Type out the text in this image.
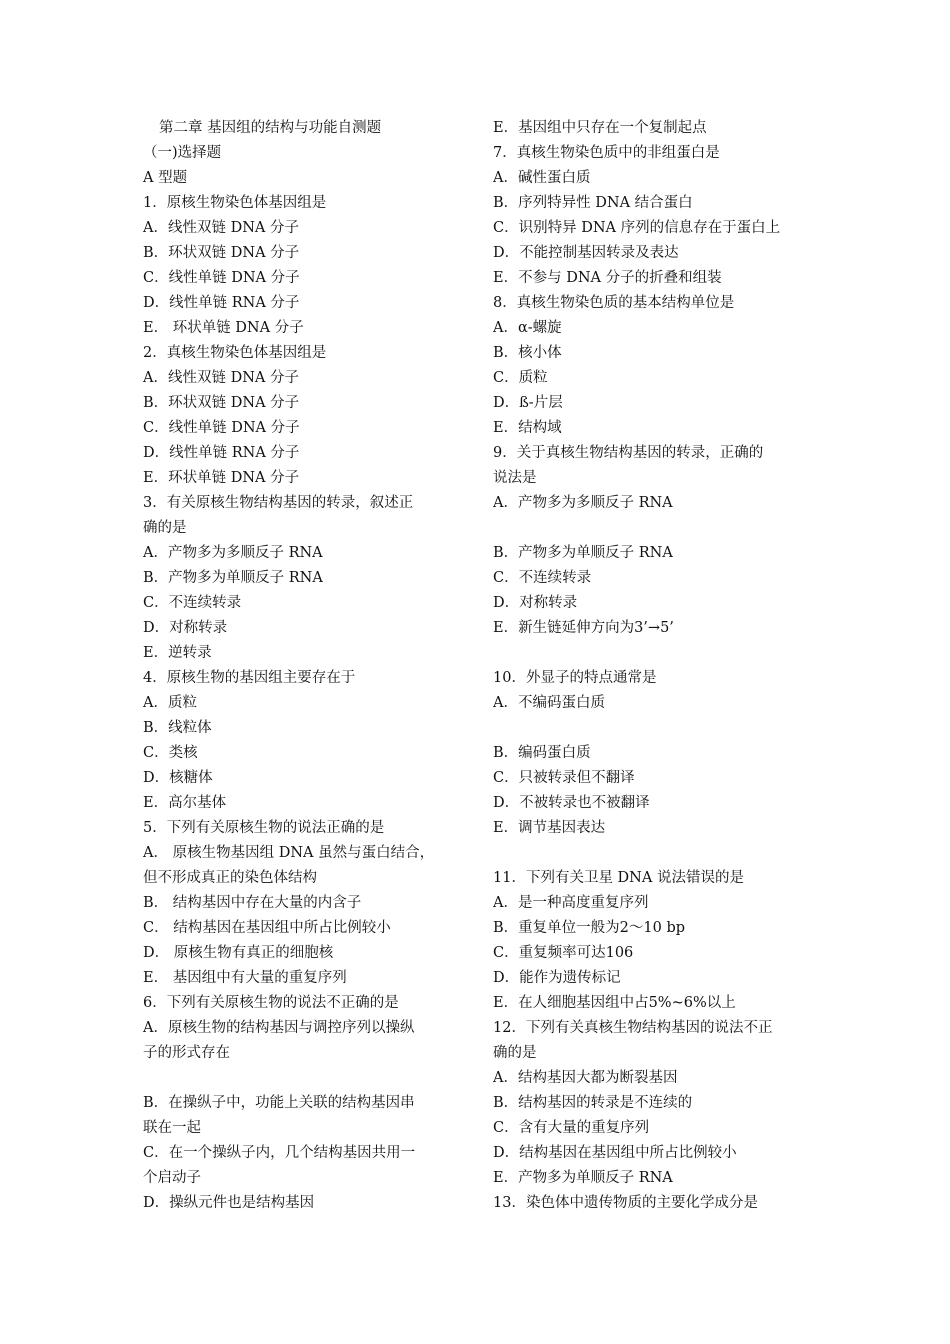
第二章 基因组的结构与功能自测题
（一)选择题
A 型题
1．原核生物染色体基因组是
A．线性双链 DNA 分子
B．环状双链 DNA 分子
C．线性单链 DNA 分子
D．线性单链 RNA 分子
E． 环状单链 DNA 分子
2．真核生物染色体基因组是
A．线性双链 DNA 分子
B．环状双链 DNA 分子
C．线性单链 DNA 分子
D．线性单链 RNA 分子
E．环状单链 DNA 分子
3．有关原核生物结构基因的转录，叙述正
确的是
A．产物多为多顺反子 RNA
B．产物多为单顺反子 RNA
C．不连续转录
D．对称转录
E．逆转录
4．原核生物的基因组主要存在于
A．质粒
B．线粒体
C．类核
D．核糖体
E．高尔基体
5．下列有关原核生物的说法正确的是
A． 原核生物基因组 DNA 虽然与蛋白结合，
但不形成真正的染色体结构
B． 结构基因中存在大量的内含子
C． 结构基因在基因组中所占比例较小
D． 原核生物有真正的细胞核
E． 基因组中有大量的重复序列
6．下列有关原核生物的说法不正确的是
A．原核生物的结构基因与调控序列以操纵
子的形式存在
B．在操纵子中，功能上关联的结构基因串
联在一起
C．在一个操纵子内，几个结构基因共用一
个启动子
D．操纵元件也是结构基因
E．基因组中只存在一个复制起点
7．真核生物染色质中的非组蛋白是
A．碱性蛋白质
B．序列特异性 DNA 结合蛋白
C．识别特异 DNA 序列的信息存在于蛋白上
D．不能控制基因转录及表达
E．不参与 DNA 分子的折叠和组装
8．真核生物染色质的基本结构单位是
A．α-螺旋
B．核小体
C．质粒
D．ß-片层
E．结构域
9．关于真核生物结构基因的转录，正确的
说法是
A．产物多为多顺反子 RNA
B．产物多为单顺反子 RNA
C．不连续转录
D．对称转录
E．新生链延伸方向为3’→5’
10．外显子的特点通常是
A．不编码蛋白质
B．编码蛋白质
C．只被转录但不翻译
D．不被转录也不被翻译
E．调节基因表达
11．下列有关卫星 DNA 说法错误的是
A．是一种高度重复序列
B．重复单位一般为2～10 bp
C．重复频率可达106
D．能作为遗传标记
E．在人细胞基因组中占5%~6%以上
12．下列有关真核生物结构基因的说法不正
确的是
A．结构基因大都为断裂基因
B．结构基因的转录是不连续的
C．含有大量的重复序列
D．结构基因在基因组中所占比例较小
E．产物多为单顺反子 RNA
13．染色体中遗传物质的主要化学成分是
